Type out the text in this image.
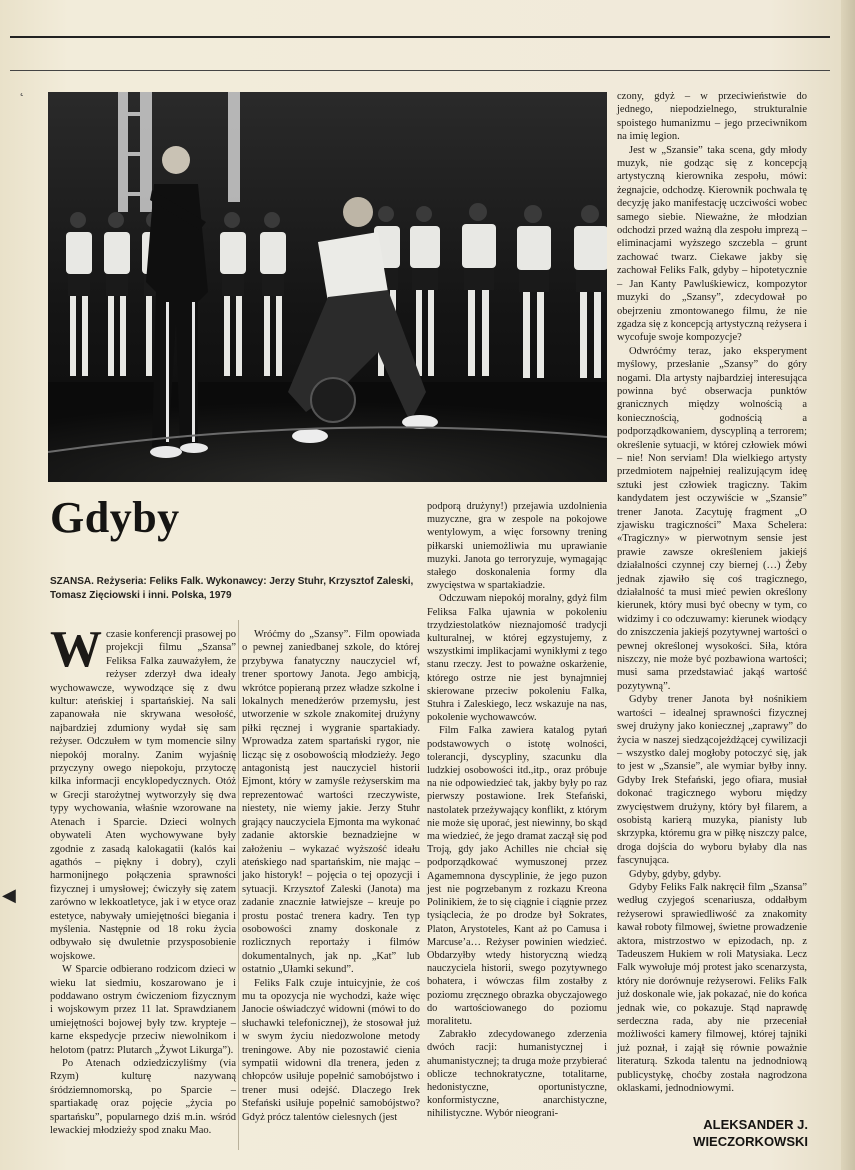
˛
◀
Gdyby
SZANSA. Reżyseria: Feliks Falk. Wykonawcy: Jerzy Stuhr, Krzysztof Zaleski, Tomasz Zięciowski i inni. Polska, 1979

Wczasie konferencji prasowej po projekcji filmu „Szansa” Feliksa Falka zauważyłem, że reżyser zderzył dwa ideały wychowawcze, wywodzące się z dwu kultur: ateńskiej i spartańskiej. Na sali zapanowała nie skrywana wesołość, najbardziej zdumiony wydał się sam reżyser. Odczułem w tym momencie silny niepokój moralny. Zanim wyjaśnię przyczyny owego niepokoju, przytoczę kilka informacji encyklopedycznych. Otóż w Grecji starożytnej wytworzyły się dwa typy wychowania, właśnie wzorowane na Atenach i Sparcie. Dzieci wolnych obywateli Aten wychowywane były zgodnie z zasadą kalokagatii (kalós kai agathós – piękny i dobry), czyli harmonijnego połączenia sprawności fizycznej i umysłowej; ćwiczyły się zatem zarówno w lekkoatletyce, jak i w etyce oraz estetyce, nabywały umiejętności biegania i myślenia. Następnie od 18 roku życia odbywało się dwuletnie przysposobienie wojskowe.

W Sparcie odbierano rodzicom dzieci w wieku lat siedmiu, koszarowano je i poddawano ostrym ćwiczeniom fizycznym i wojskowym przez 11 lat. Sprawdzianem umiejętności bojowej były tzw. krypteje – karne ekspedycje przeciw niewolnikom i helotom (patrz: Plutarch „Żywot Likurga”).

Po Atenach odziedziczyliśmy (via Rzym) kulturę nazywaną śródziemnomorską, po Sparcie – spartiakadę oraz pojęcie „życia po spartańsku”, popularnego dziś m.in. wśród lewackiej młodzieży spod znaku Mao.

Wróćmy do „Szansy”. Film opowiada o pewnej zaniedbanej szkole, do której przybywa fanatyczny nauczyciel wf, trener sportowy Janota. Jego ambicją, wkrótce popieraną przez władze szkolne i lokalnych menedżerów przemysłu, jest utworzenie w szkole znakomitej drużyny piłki ręcznej i wygranie spartakiady. Wprowadza zatem spartański rygor, nie licząc się z osobowością młodzieży. Jego antagonistą jest nauczyciel historii Ejmont, który w zamyśle reżyserskim ma reprezentować wartości rzeczywiste, niestety, nie wiemy jakie. Jerzy Stuhr grający nauczyciela Ejmonta ma wykonać zadanie aktorskie beznadziejne w założeniu – wykazać wyższość ideału ateńskiego nad spartańskim, nie mając – jako historyk! – pojęcia o tej opozycji i sytuacji. Krzysztof Zaleski (Janota) ma zadanie znacznie łatwiejsze – kreuje po prostu postać trenera kadry. Ten typ osobowości znamy doskonale z rozlicznych reportaży i filmów dokumentalnych, jak np. „Kat” lub ostatnio „Ułamki sekund”.

Feliks Falk czuje intuicyjnie, że coś mu ta opozycja nie wychodzi, każe więc Janocie oświadczyć widowni (mówi to do słuchawki telefonicznej), że stosował już w swym życiu niedozwolone metody treningowe. Aby nie pozostawić cienia sympatii widowni dla trenera, jeden z chłopców usiłuje popełnić samobójstwo i trener musi odejść. Dlaczego Irek Stefański usiłuje popełnić samobójstwo? Gdyż prócz talentów cielesnych (jest

podporą drużyny!) przejawia uzdolnienia muzyczne, gra w zespole na pokojowe wentylowym, a więc forsowny trening piłkarski uniemożliwia mu uprawianie muzyki. Janota go terroryzuje, wymagając stałego doskonalenia formy dla zwycięstwa w spartakiadzie.

Odczuwam niepokój moralny, gdyż film Feliksa Falka ujawnia w pokoleniu trzydziestolatków nieznajomość tradycji kulturalnej, w której egzystujemy, z wszystkimi implikacjami wynikłymi z tego stanu rzeczy. Jest to poważne oskarżenie, którego ostrze nie jest bynajmniej skierowane przeciw pokoleniu Falka, Stuhra i Zaleskiego, lecz wskazuje na nas, pokolenie wychowawców.

Film Falka zawiera katalog pytań podstawowych o istotę wolności, tolerancji, dyscypliny, szacunku dla ludzkiej osobowości itd.,itp., oraz próbuje na nie odpowiedzieć tak, jakby były po raz pierwszy postawione. Irek Stefański, nastolatek przeżywający konflikt, z którym nie może się uporać, jest niewinny, bo skąd ma wiedzieć, że jego dramat zaczął się pod Troją, gdy jako Achilles nie chciał się podporządkować wymuszonej przez Agamemnona dyscyplinie, że jego puzon jest nie pogrzebanym z rozkazu Kreona Polinikiem, że to się ciągnie i ciągnie przez tysiąclecia, że po drodze był Sokrates, Platon, Arystoteles, Kant aż po Camusa i Marcuse’a… Reżyser powinien wiedzieć. Obdarzyłby wtedy historyczną wiedzą nauczyciela historii, swego pozytywnego bohatera, i wówczas film zostałby z poziomu zręcznego obrazka obyczajowego do wartościowanego do poziomu moralitetu.

Zabrakło zdecydowanego zderzenia dwóch racji: humanistycznej i ahumanistycznej; ta druga może przybierać oblicze technokratyczne, totalitarne, hedonistyczne, oportunistyczne, konformistyczne, anarchistyczne, nihilistyczne. Wybór nieograni-

czony, gdyż – w przeciwieństwie do jednego, niepodzielnego, strukturalnie spoistego humanizmu – jego przeciwnikom na imię legion.

Jest w „Szansie” taka scena, gdy młody muzyk, nie godząc się z koncepcją artystyczną kierownika zespołu, mówi: żegnajcie, odchodzę. Kierownik pochwala tę decyzję jako manifestację uczciwości wobec samego siebie. Nieważne, że młodzian odchodzi przed ważną dla zespołu imprezą – eliminacjami wyższego szczebla – grunt zachować twarz. Ciekawe jakby się zachował Feliks Falk, gdyby – hipotetycznie – Jan Kanty Pawluśkiewicz, kompozytor muzyki do „Szansy”, zdecydował po obejrzeniu zmontowanego filmu, że nie zgadza się z koncepcją artystyczną reżysera i wycofuje swoje kompozycje?

Odwróćmy teraz, jako eksperyment myślowy, przesłanie „Szansy” do góry nogami. Dla artysty najbardziej interesująca powinna być obserwacja punktów granicznych między wolnością a koniecznością, godnością a podporządkowaniem, dyscypliną a terrorem; określenie sytuacji, w której człowiek mówi – nie! Non serviam! Dla wielkiego artysty przedmiotem najpełniej realizującym ideę sztuki jest człowiek tragiczny. Takim kandydatem jest oczywiście w „Szansie” trener Janota. Zacytuję fragment „O zjawisku tragiczności” Maxa Schelera: «Tragiczny» w pierwotnym sensie jest prawie zawsze określeniem jakiejś działalności czynnej czy biernej (…) Żeby jednak zjawiło się coś tragicznego, działalność ta musi mieć pewien określony kierunek, który musi być obecny w tym, co widzimy i co odczuwamy: kierunek wiodący do zniszczenia jakiejś pozytywnej wartości o pewnej określonej wysokości. Siła, która niszczy, nie może być pozbawiona wartości; musi sama przedstawiać jakąś wartość pozytywną”.

Gdyby trener Janota był nośnikiem wartości – idealnej sprawności fizycznej swej drużyny jako koniecznej „zaprawy” do życia w naszej siedzącojeżdżącej cywilizacji – wszystko dalej mogłoby potoczyć się, jak to jest w „Szansie”, ale wymiar byłby inny. Gdyby Irek Stefański, jego ofiara, musiał dokonać tragicznego wyboru między zwycięstwem drużyny, który był filarem, a osobistą karierą muzyka, pianisty lub skrzypka, któremu gra w piłkę niszczy palce, droga dojścia do wyboru byłaby dla nas fascynująca.

Gdyby, gdyby, gdyby.

Gdyby Feliks Falk nakręcił film „Szansa” według czyjegoś scenariusza, oddałbym reżyserowi sprawiedliwość za znakomity kawał roboty filmowej, świetne prowadzenie aktora, mistrzostwo w epizodach, np. z Tadeuszem Hukiem w roli Matysiaka. Lecz Falk wywołuje mój protest jako scenarzysta, który nie dorównuje reżyserowi. Feliks Falk już doskonale wie, jak pokazać, nie do końca jednak wie, co pokazuje. Stąd naprawdę serdeczna rada, aby nie przeceniał możliwości kamery filmowej, której tajniki już poznał, i zajął się równie poważnie literaturą. Szkoda talentu na jednodniową publicystykę, choćby została nagrodzona oklaskami, jednodniowymi.

ALEKSANDER J.
WIECZORKOWSKI
